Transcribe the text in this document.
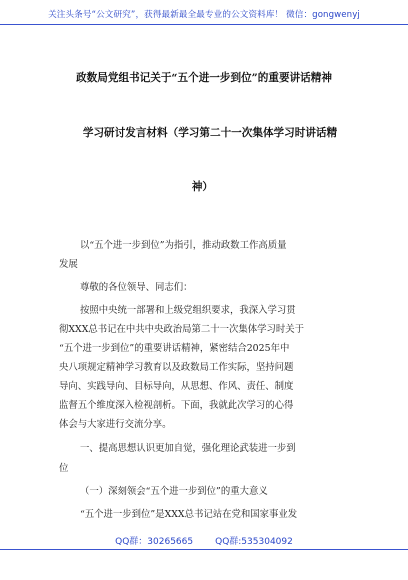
关注头条号“公文研究”，获得最新最全最专业的公文资料库！ 微信：gongwenyj
政数局党组书记关于“五个进一步到位”的重要讲话精神
学习研讨发言材料（学习第二十一次集体学习时讲话精
神）
以“五个进一步到位”为指引，推动政数工作高质量
发展
尊敬的各位领导、同志们：
按照中央统一部署和上级党组织要求，我深入学习贯
彻XXX总书记在中共中央政治局第二十一次集体学习时关于
“五个进一步到位”的重要讲话精神，紧密结合2025年中
央八项规定精神学习教育以及政数局工作实际，坚持问题
导向、实践导向、目标导向，从思想、作风、责任、制度
监督五个维度深入检视剖析。下面，我就此次学习的心得
体会与大家进行交流分享。
一、提高思想认识更加自觉，强化理论武装进一步到
位
（一）深刻领会“五个进一步到位”的重大意义
“五个进一步到位”是XXX总书记站在党和国家事业发
QQ群：30265665 QQ群:535304092
